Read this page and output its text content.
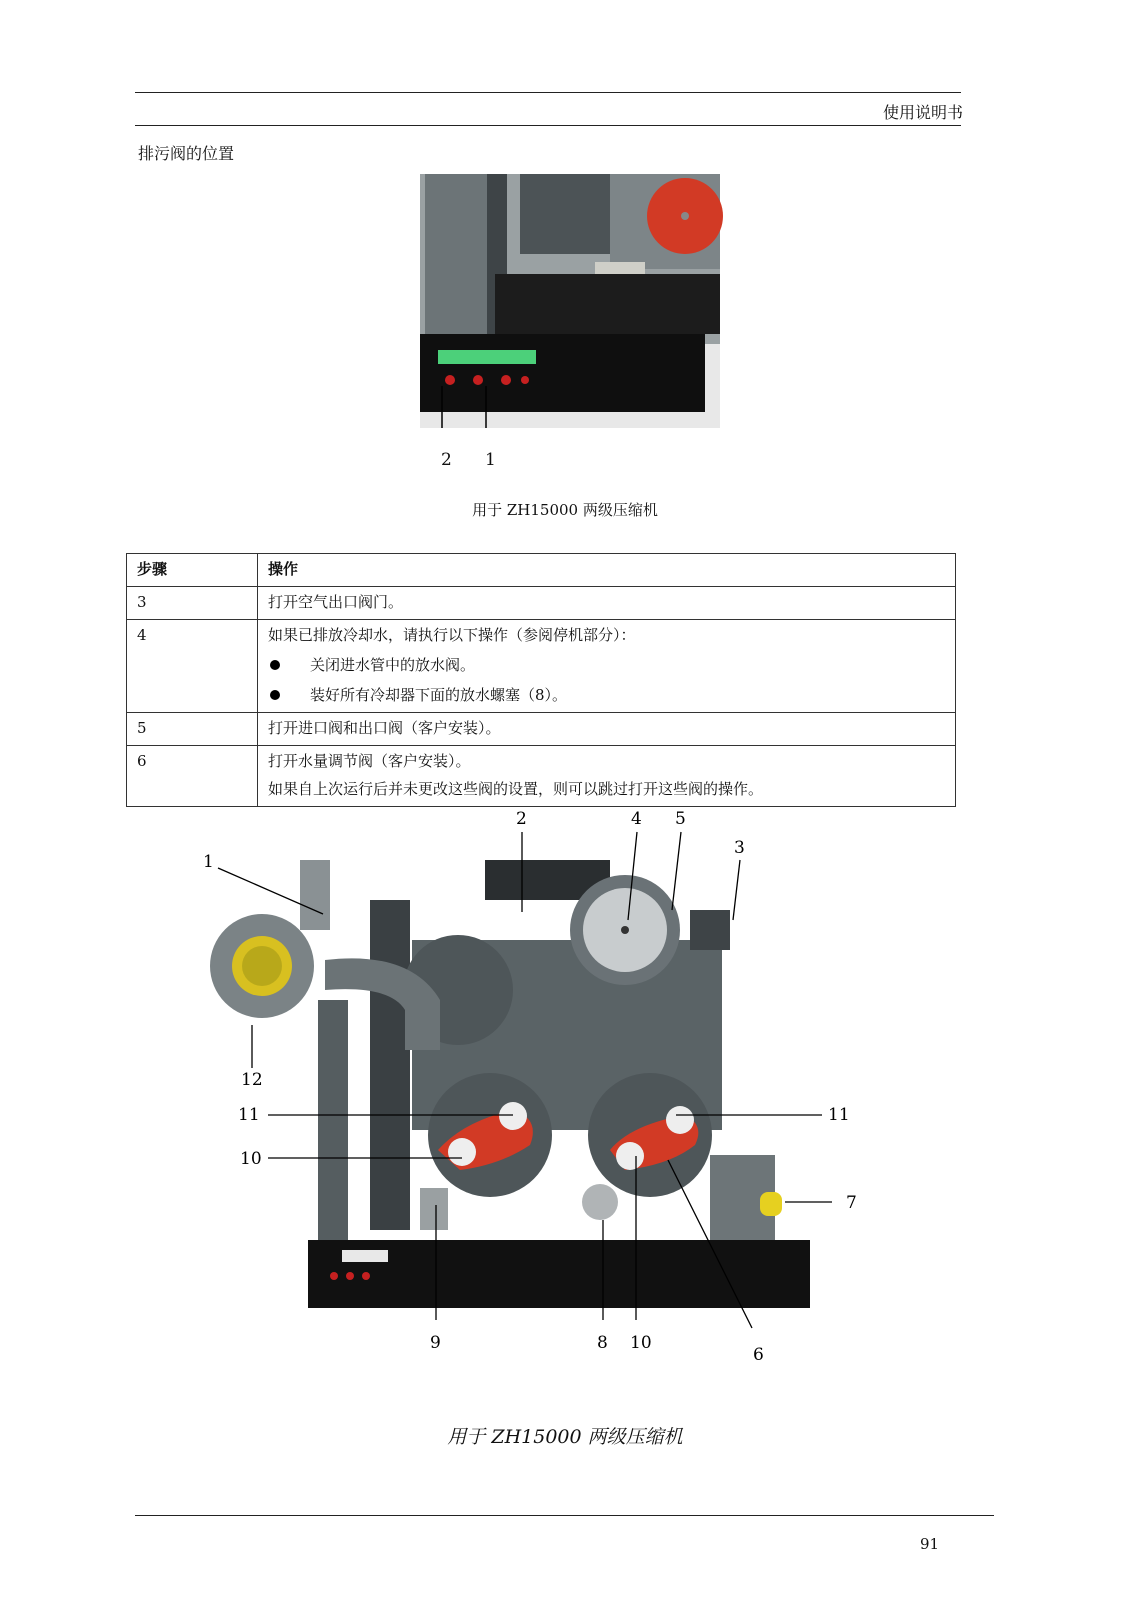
使用说明书
排污阀的位置
2 1
用于 ZH15000 两级压缩机
步骤	操作
3	打开空气出口阀门。
4	如果已排放冷却水，请执行以下操作（参阅停机部分）：
关闭进水管中的放水阀。
装好所有冷却器下面的放水螺塞（8）。

5	打开进口阀和出口阀（客户安装）。
6	打开水量调节阀（客户安装）。
如果自上次运行后并未更改这些阀的设置，则可以跳过打开这些阀的操作。
1
2	4 5
3
12
11	11
10
7
9	8 10
6
用于 ZH15000 两级压缩机
91
